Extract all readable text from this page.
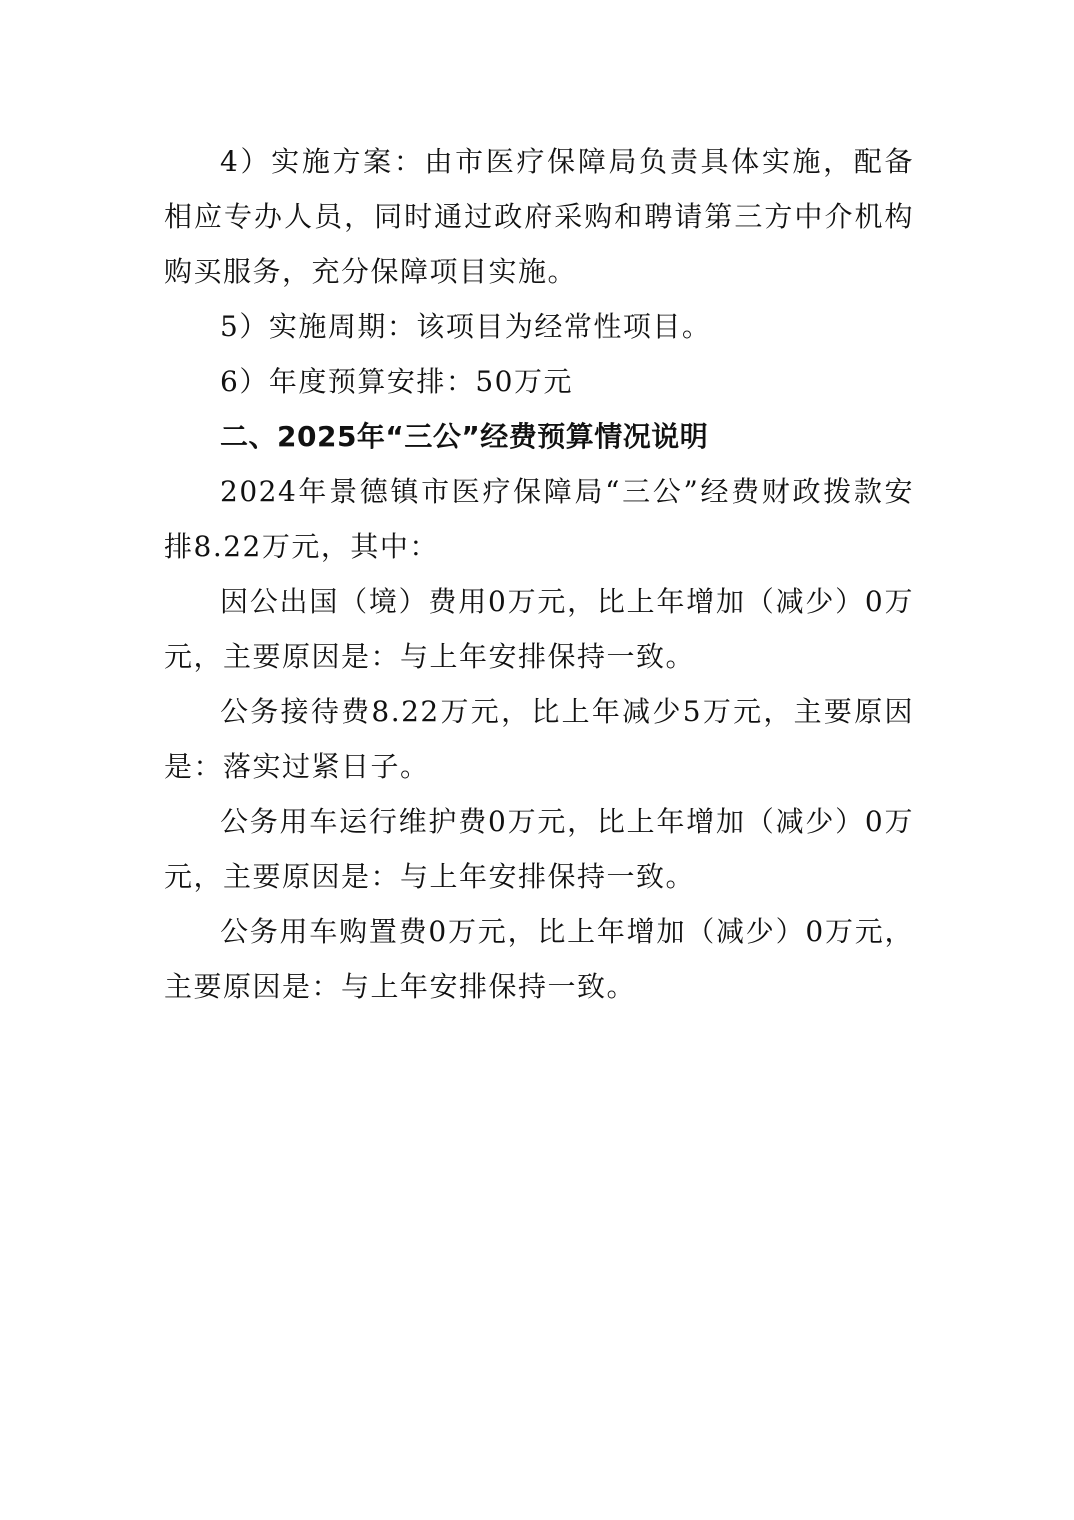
4）实施方案：由市医疗保障局负责具体实施，配备相应专办人员，同时通过政府采购和聘请第三方中介机构购买服务，充分保障项目实施。

5）实施周期：该项目为经常性项目。

6）年度预算安排：50万元

二、2025年“三公”经费预算情况说明

2024年景德镇市医疗保障局“三公”经费财政拨款安排8.22万元，其中：

因公出国（境）费用0万元，比上年增加（减少）0万元，主要原因是：与上年安排保持一致。

公务接待费8.22万元，比上年减少5万元，主要原因是：落实过紧日子。

公务用车运行维护费0万元，比上年增加（减少）0万元，主要原因是：与上年安排保持一致。

公务用车购置费0万元，比上年增加（减少）0万元，主要原因是：与上年安排保持一致。
